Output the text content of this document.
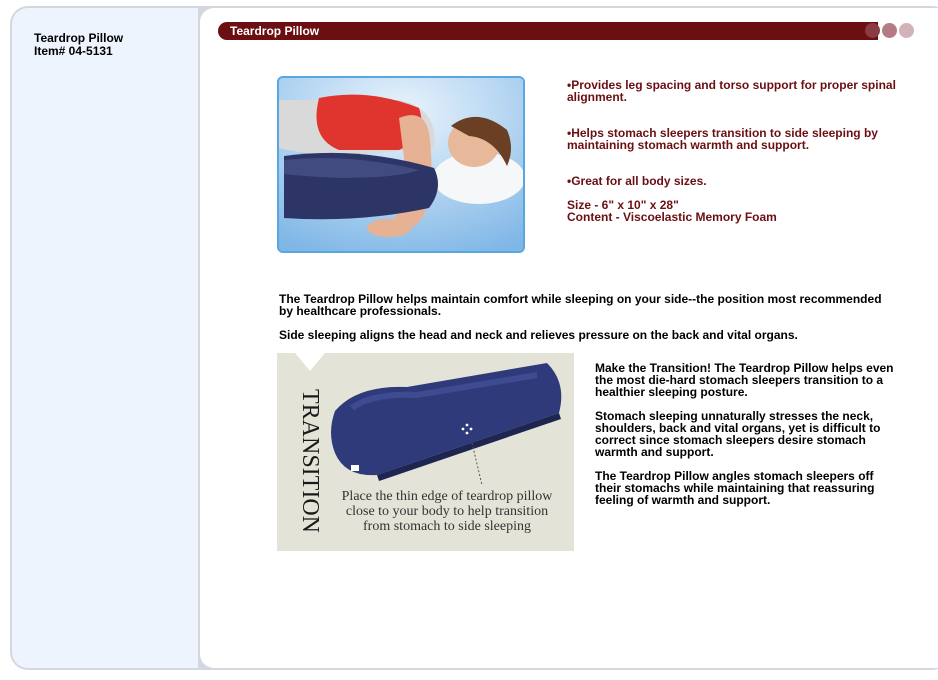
Teardrop Pillow
Item# 04-5131
Teardrop Pillow

•Provides leg spacing and torso support for proper spinal alignment.

•Helps stomach sleepers transition to side sleeping by maintaining stomach warmth and support.

•Great for all body sizes.

Size - 6" x 10" x 28"

Content - Viscoelastic Memory Foam

The Teardrop Pillow helps maintain comfort while sleeping on your side--the position most recommended by healthcare professionals.
Side sleeping aligns the head and neck and relieves pressure on the back and vital organs.
TRANSITION	Place the thin edge of teardrop pillow
close to your body to help transition
from stomach to side sleeping

Make the Transition! The Teardrop Pillow helps even the most die-hard stomach sleepers transition to a healthier sleeping posture.

Stomach sleeping unnaturally stresses the neck, shoulders, back and vital organs, yet is difficult to correct since stomach sleepers desire stomach warmth and support.

The Teardrop Pillow angles stomach sleepers off their stomachs while maintaining that reassuring feeling of warmth and support.
